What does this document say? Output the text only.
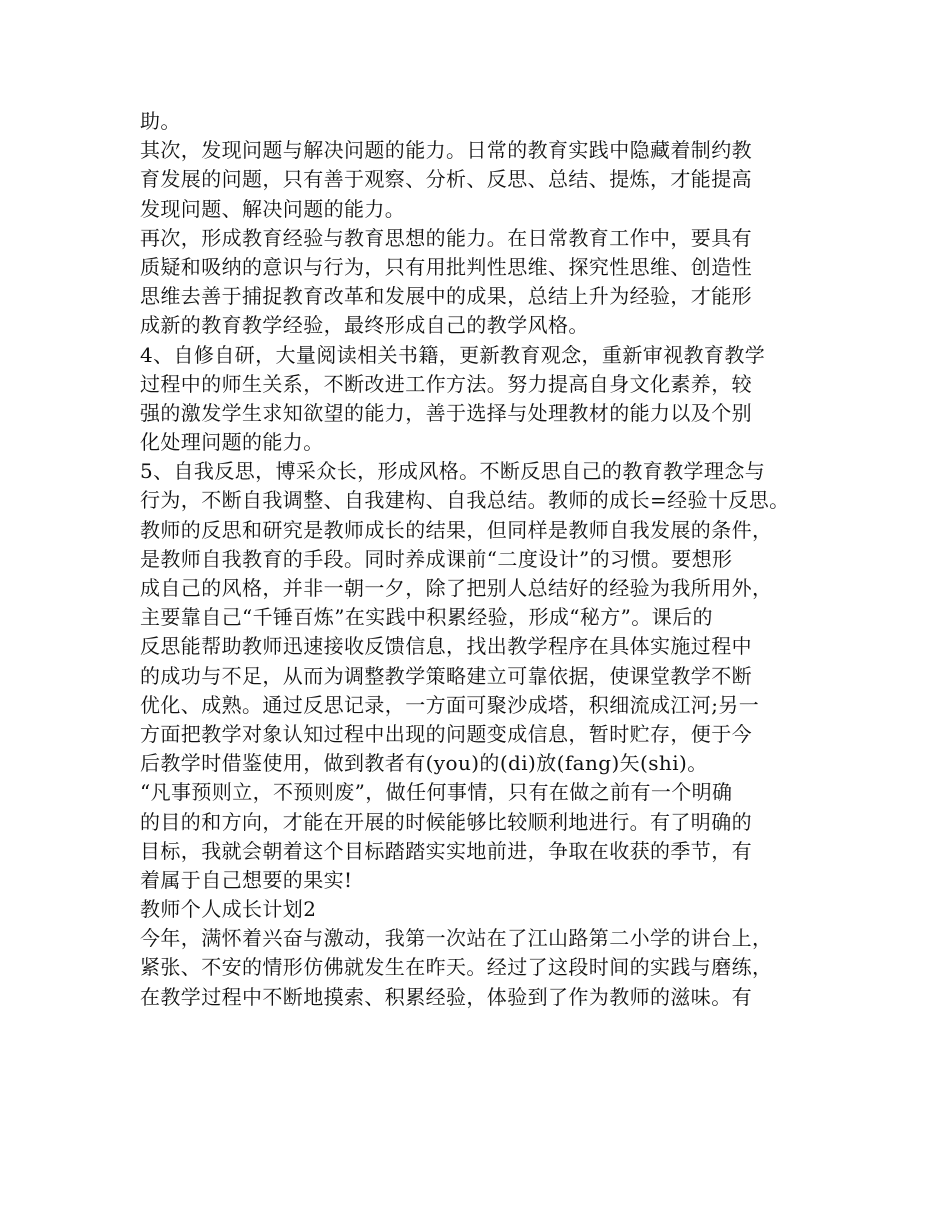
助。
其次，发现问题与解决问题的能力。日常的教育实践中隐藏着制约教
育发展的问题，只有善于观察、分析、反思、总结、提炼，才能提高
发现问题、解决问题的能力。
再次，形成教育经验与教育思想的能力。在日常教育工作中，要具有
质疑和吸纳的意识与行为，只有用批判性思维、探究性思维、创造性
思维去善于捕捉教育改革和发展中的成果，总结上升为经验，才能形
成新的教育教学经验，最终形成自己的教学风格。
4、自修自研，大量阅读相关书籍，更新教育观念，重新审视教育教学
过程中的师生关系，不断改进工作方法。努力提高自身文化素养，较
强的激发学生求知欲望的能力，善于选择与处理教材的能力以及个别
化处理问题的能力。
5、自我反思，博采众长，形成风格。不断反思自己的教育教学理念与
行为，不断自我调整、自我建构、自我总结。教师的成长=经验十反思。
教师的反思和研究是教师成长的结果，但同样是教师自我发展的条件，
是教师自我教育的手段。同时养成课前“二度设计”的习惯。要想形
成自己的风格，并非一朝一夕，除了把别人总结好的经验为我所用外，
主要靠自己“千锤百炼”在实践中积累经验，形成“秘方”。课后的
反思能帮助教师迅速接收反馈信息，找出教学程序在具体实施过程中
的成功与不足，从而为调整教学策略建立可靠依据，使课堂教学不断
优化、成熟。通过反思记录，一方面可聚沙成塔，积细流成江河;另一
方面把教学对象认知过程中出现的问题变成信息，暂时贮存，便于今
后教学时借鉴使用，做到教者有(you)的(di)放(fang)矢(shi)。
“凡事预则立，不预则废”，做任何事情，只有在做之前有一个明确
的目的和方向，才能在开展的时候能够比较顺利地进行。有了明确的
目标，我就会朝着这个目标踏踏实实地前进，争取在收获的季节，有
着属于自己想要的果实!
教师个人成长计划2
今年，满怀着兴奋与激动，我第一次站在了江山路第二小学的讲台上，
紧张、不安的情形仿佛就发生在昨天。经过了这段时间的实践与磨练，
在教学过程中不断地摸索、积累经验，体验到了作为教师的滋味。有
